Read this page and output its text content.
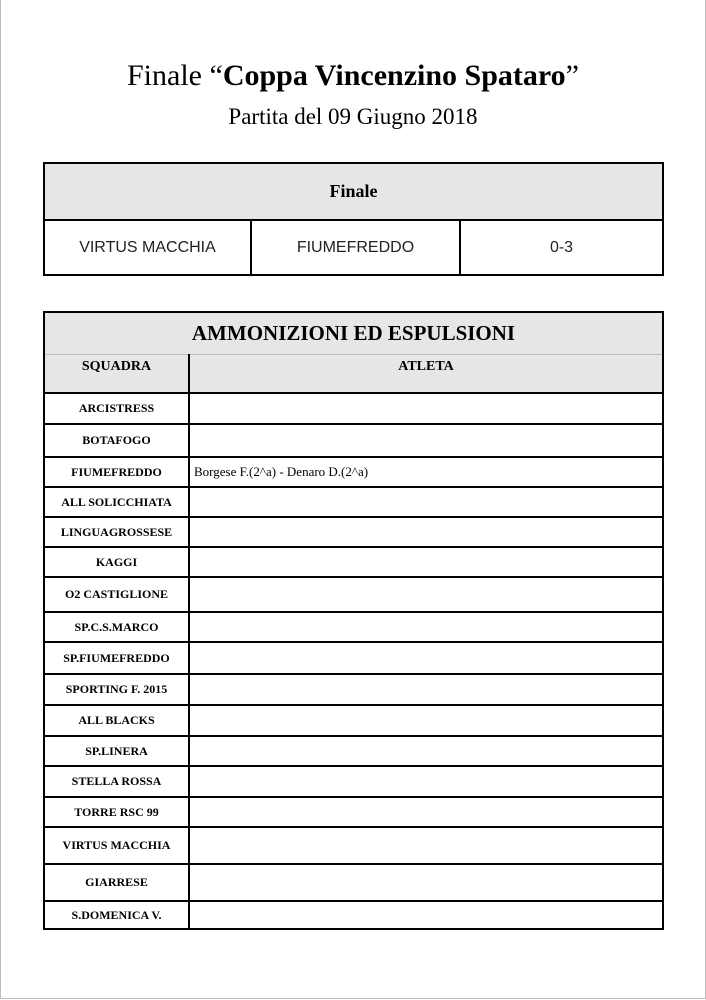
Finale “Coppa Vincenzino Spataro”
Partita del 09 Giugno 2018
Finale
VIRTUS MACCHIA	FIUMEFREDDO	0-3
AMMONIZIONI ED ESPULSIONI	
SQUADRA	ATLETA
ARCISTRESS	
BOTAFOGO	
FIUMEFREDDO	Borgese F.(2^a) - Denaro D.(2^a)
ALL SOLICCHIATA	
LINGUAGROSSESE	
KAGGI	
O2 CASTIGLIONE	
SP.C.S.MARCO	
SP.FIUMEFREDDO	
SPORTING F. 2015	
ALL BLACKS	
SP.LINERA	
STELLA ROSSA	
TORRE RSC 99	
VIRTUS MACCHIA	
GIARRESE	
S.DOMENICA V.	
